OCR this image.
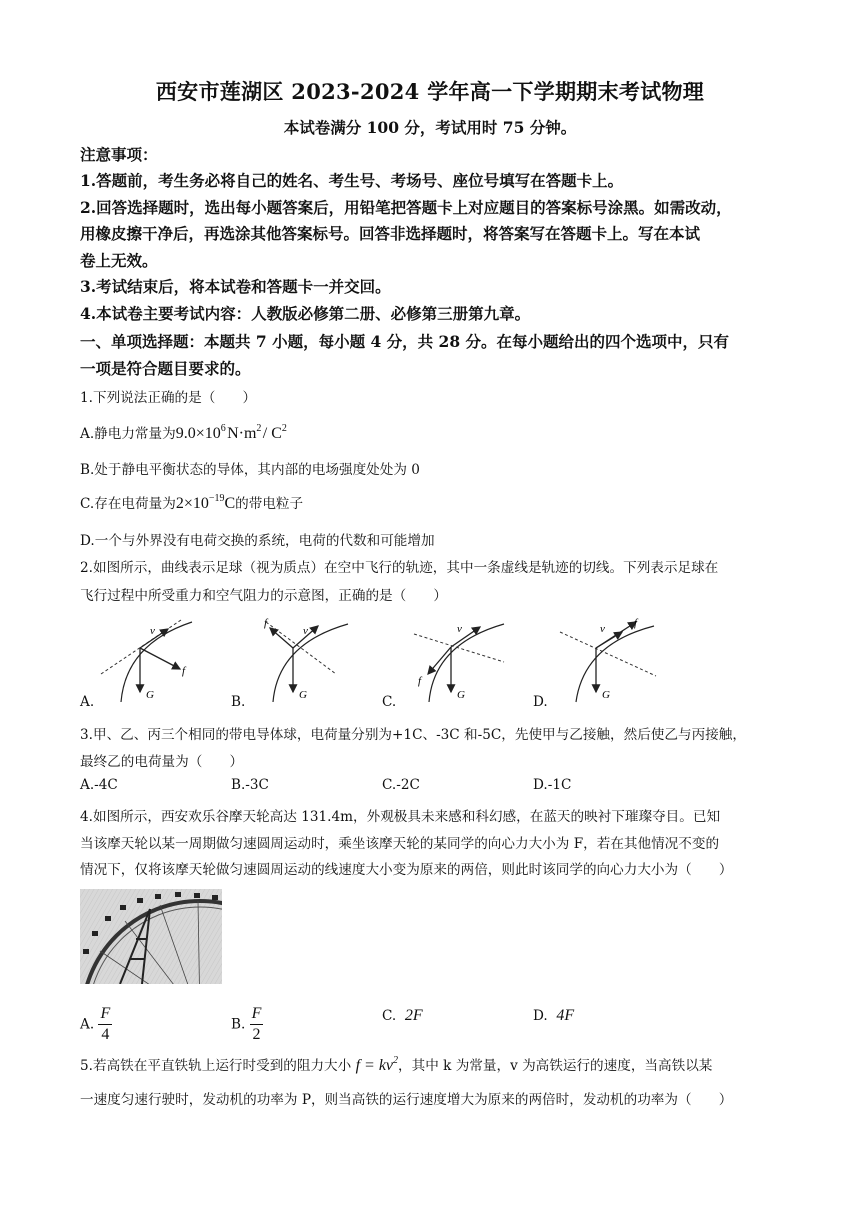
西安市莲湖区 2023-2024 学年高一下学期期末考试物理
本试卷满分 100 分，考试用时 75 分钟。
注意事项：
1.答题前，考生务必将自己的姓名、考生号、考场号、座位号填写在答题卡上。
2.回答选择题时，选出每小题答案后，用铅笔把答题卡上对应题目的答案标号涂黑。如需改动，
用橡皮擦干净后，再选涂其他答案标号。回答非选择题时，将答案写在答题卡上。写在本试
卷上无效。
3.考试结束后，将本试卷和答题卡一并交回。
4.本试卷主要考试内容：人教版必修第二册、必修第三册第九章。
一、单项选择题：本题共 7 小题，每小题 4 分，共 28 分。在每小题给出的四个选项中，只有
一项是符合题目要求的。
1.下列说法正确的是（　　）
A.静电力常量为$9.0\times 10^6$ $N\cdot m^2$ / $C^2$
B.处于静电平衡状态的导体，其内部的电场强度处处为 0
C.存在电荷量为$2\times 10^{-19}C$的带电粒子
D.一个与外界没有电荷交换的系统，电荷的代数和可能增加
2.如图所示，曲线表示足球（视为质点）在空中飞行的轨迹，其中一条虚线是轨迹的切线。下列表示足球在
飞行过程中所受重力和空气阻力的示意图，正确的是（　　）
v
f
G
A.
v
f
G
B.
v
f
G
C.
v	f
G
D.
3.甲、乙、丙三个相同的带电导体球，电荷量分别为+1C、-3C 和-5C，先使甲与乙接触，然后使乙与丙接触，
最终乙的电荷量为（　　）
A.-4C	B.-3C	C.-2C	D.-1C
4.如图所示，西安欢乐谷摩天轮高达 131.4m，外观极具未来感和科幻感，在蓝天的映衬下璀璨夺目。已知
当该摩天轮以某一周期做匀速圆周运动时，乘坐该摩天轮的某同学的向心力大小为 F，若在其他情况不变的
情况下，仅将该摩天轮做匀速圆周运动的线速度大小变为原来的两倍，则此时该同学的向心力大小为（　　）
A. $\frac{F}{4}$	B. $\frac{F}{2}$	C. 2F	D. 4F
5.若高铁在平直铁轨上运行时受到的阻力大小 $f = kv^2$，其中 k 为常量，v 为高铁运行的速度，当高铁以某
一速度匀速行驶时，发动机的功率为 P，则当高铁的运行速度增大为原来的两倍时，发动机的功率为（　　）
